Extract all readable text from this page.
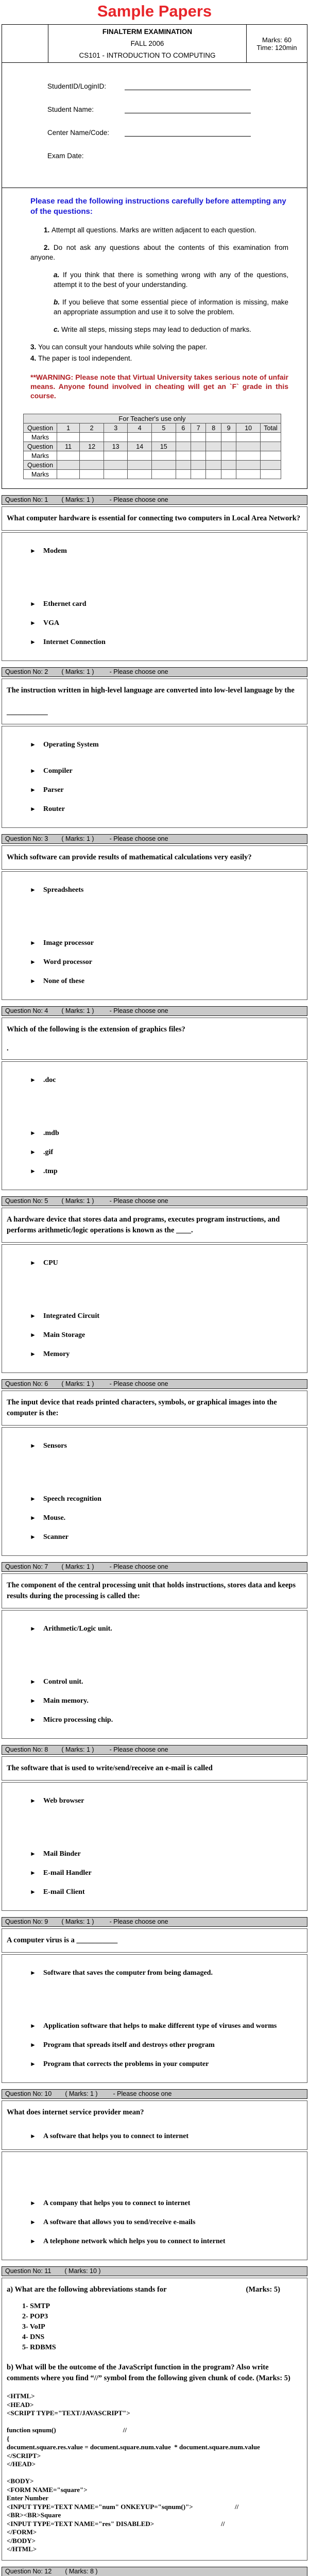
Sample Papers

FINALTERM EXAMINATION
FALL 2006
CS101 - INTRODUCTION TO COMPUTING

Marks: 60
Time: 120min
StudentID/LoginID:
Student Name:
Center Name/Code:
Exam Date:
Please read the following instructions carefully before attempting any of the questions:
1. Attempt all questions. Marks are written adjacent to each question.
2. Do not ask any questions about the contents of this examination from anyone.
a. If you think that there is something wrong with any of the questions, attempt it to the best of your understanding.
b. If you believe that some essential piece of information is missing, make an appropriate assumption and use it to solve the problem.
c. Write all steps, missing steps may lead to deduction of marks.
3. You can consult your handouts while solving the paper.
4. The paper is tool independent.
**WARNING: Please note that Virtual University takes serious note of unfair means. Anyone found involved in cheating will get an `F` grade in this course.
For Teacher's use only											
Question	1	2	3	4	5	6	7	8	9	10	Total
Marks											
Question	11	12	13	14	15						
Marks											
Question											
Marks											
Question No: 1 ( Marks: 1 ) - Please choose one
What computer hardware is essential for connecting two computers in Local Area Network?
►	Modem
►	Ethernet card
►	VGA
►	Internet Connection
Question No: 2 ( Marks: 1 ) - Please choose one
The instruction written in high-level language are converted into low-level language by the

___________
►	Operating System
►	Compiler
►	Parser
►	Router
Question No: 3 ( Marks: 1 ) - Please choose one
Which software can provide results of mathematical calculations very easily?
►	Spreadsheets
►	Image processor
►	Word processor
►	None of these
Question No: 4 ( Marks: 1 ) - Please choose one
Which of the following is the extension of graphics files?
.
►	.doc
►	.mdb
►	.gif
►	.tmp
Question No: 5 ( Marks: 1 ) - Please choose one
A hardware device that stores data and programs, executes program instructions, and performs arithmetic/logic operations is known as the ____.
►	CPU
►	Integrated Circuit
►	Main Storage
►	Memory
Question No: 6 ( Marks: 1 ) - Please choose one
The input device that reads printed characters, symbols, or graphical images into the computer is the:
►	Sensors
►	Speech recognition
►	Mouse.
►	Scanner
Question No: 7 ( Marks: 1 ) - Please choose one
The component of the central processing unit that holds instructions, stores data and keeps results during the processing is called the:
►	Arithmetic/Logic unit.
►	Control unit.
►	Main memory.
►	Micro processing chip.
Question No: 8 ( Marks: 1 ) - Please choose one
The software that is used to write/send/receive an e-mail is called
►	Web browser
►	Mail Binder
►	E-mail Handler
►	E-mail Client
Question No: 9 ( Marks: 1 ) - Please choose one
A computer virus is a ___________
►	Software that saves the computer from being damaged.
►	Application software that helps to make different type of viruses and worms
►	Program that spreads itself and destroys other program
►	Program that corrects the problems in your computer
Question No: 10 ( Marks: 1 ) - Please choose one
What does internet service provider mean?
►	A software that helps you to connect to internet
►	A company that helps you to connect to internet
►	A software that allows you to send/receive e-mails
►	A telephone network which helps you to connect to internet
Question No: 11 ( Marks: 10 )
a) What are the following abbreviations stands for	(Marks: 5)
1- SMTP
2- POP3
3- VoIP
4- DNS
5- RDBMS
b) What will be the outcome of the JavaScript function in the program? Also write comments where you find “//” symbol from the following given chunk of code. (Marks: 5)
<HTML>
<HEAD>
<SCRIPT TYPE="TEXT/JAVASCRIPT">

function sqnum()                                        //
{
document.square.res.value = document.square.num.value  * document.square.num.value
</SCRIPT>
</HEAD>

<BODY>
<FORM NAME="square">
Enter Number
<INPUT TYPE=TEXT NAME="num" ONKEYUP="sqnum()">                         //
<BR><BR>Square
<INPUT TYPE=TEXT NAME="res" DISABLED>                                        //
</FORM>
</BODY>
</HTML>
Question No: 12 ( Marks: 8 )
